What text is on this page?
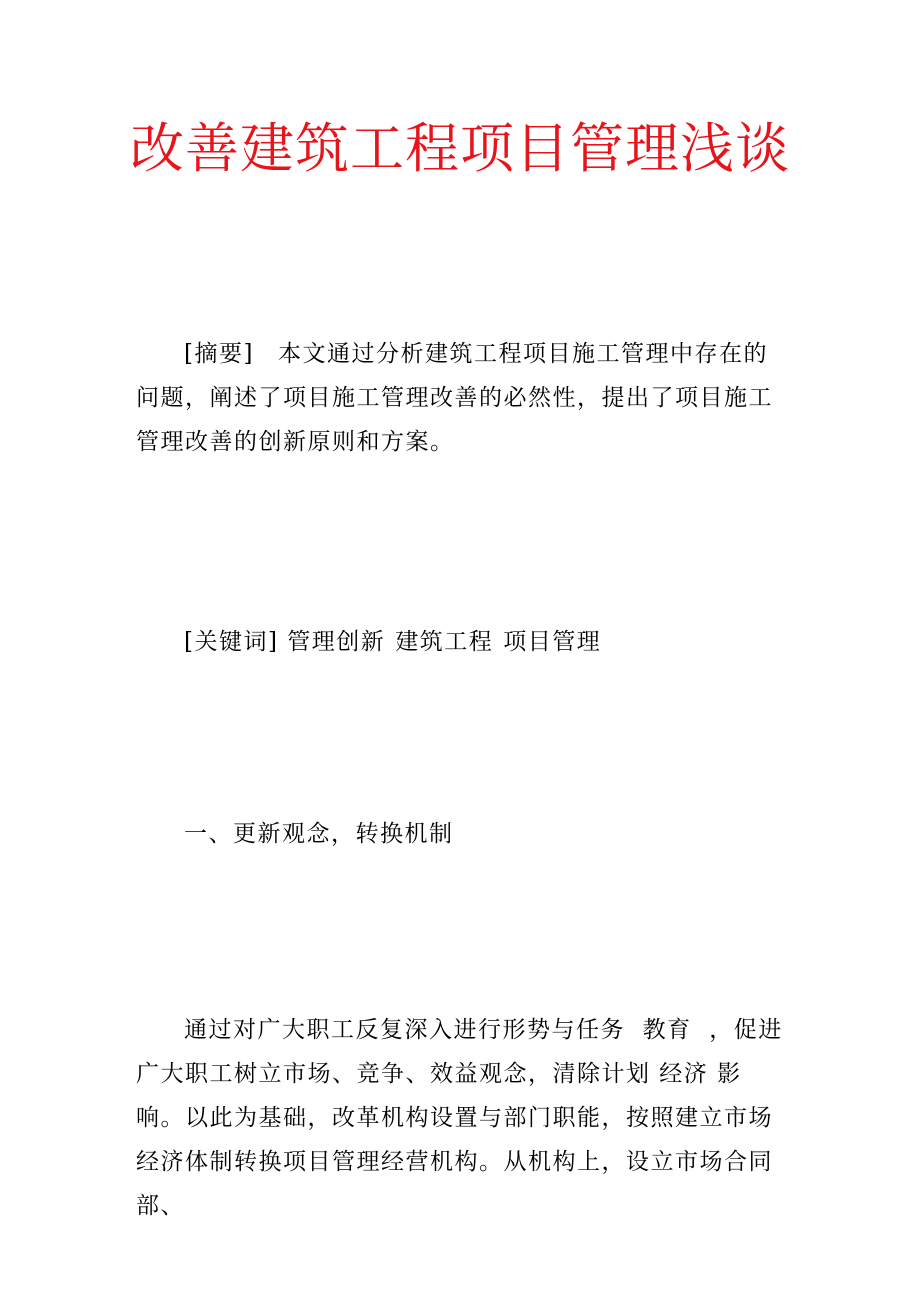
改善建筑工程项目管理浅谈

[摘要] 本文通过分析建筑工程项目施工管理中存在的问题，阐述了项目施工管理改善的必然性，提出了项目施工管理改善的创新原则和方案。

[关键词] 管理创新 建筑工程 项目管理

一、更新观念，转换机制

通过对广大职工反复深入进行形势与任务  教育  ，促进广大职工树立市场、竞争、效益观念，清除计划 经济 影响。以此为基础，改革机构设置与部门职能，按照建立市场经济体制转换项目管理经营机构。从机构上，设立市场合同部、
